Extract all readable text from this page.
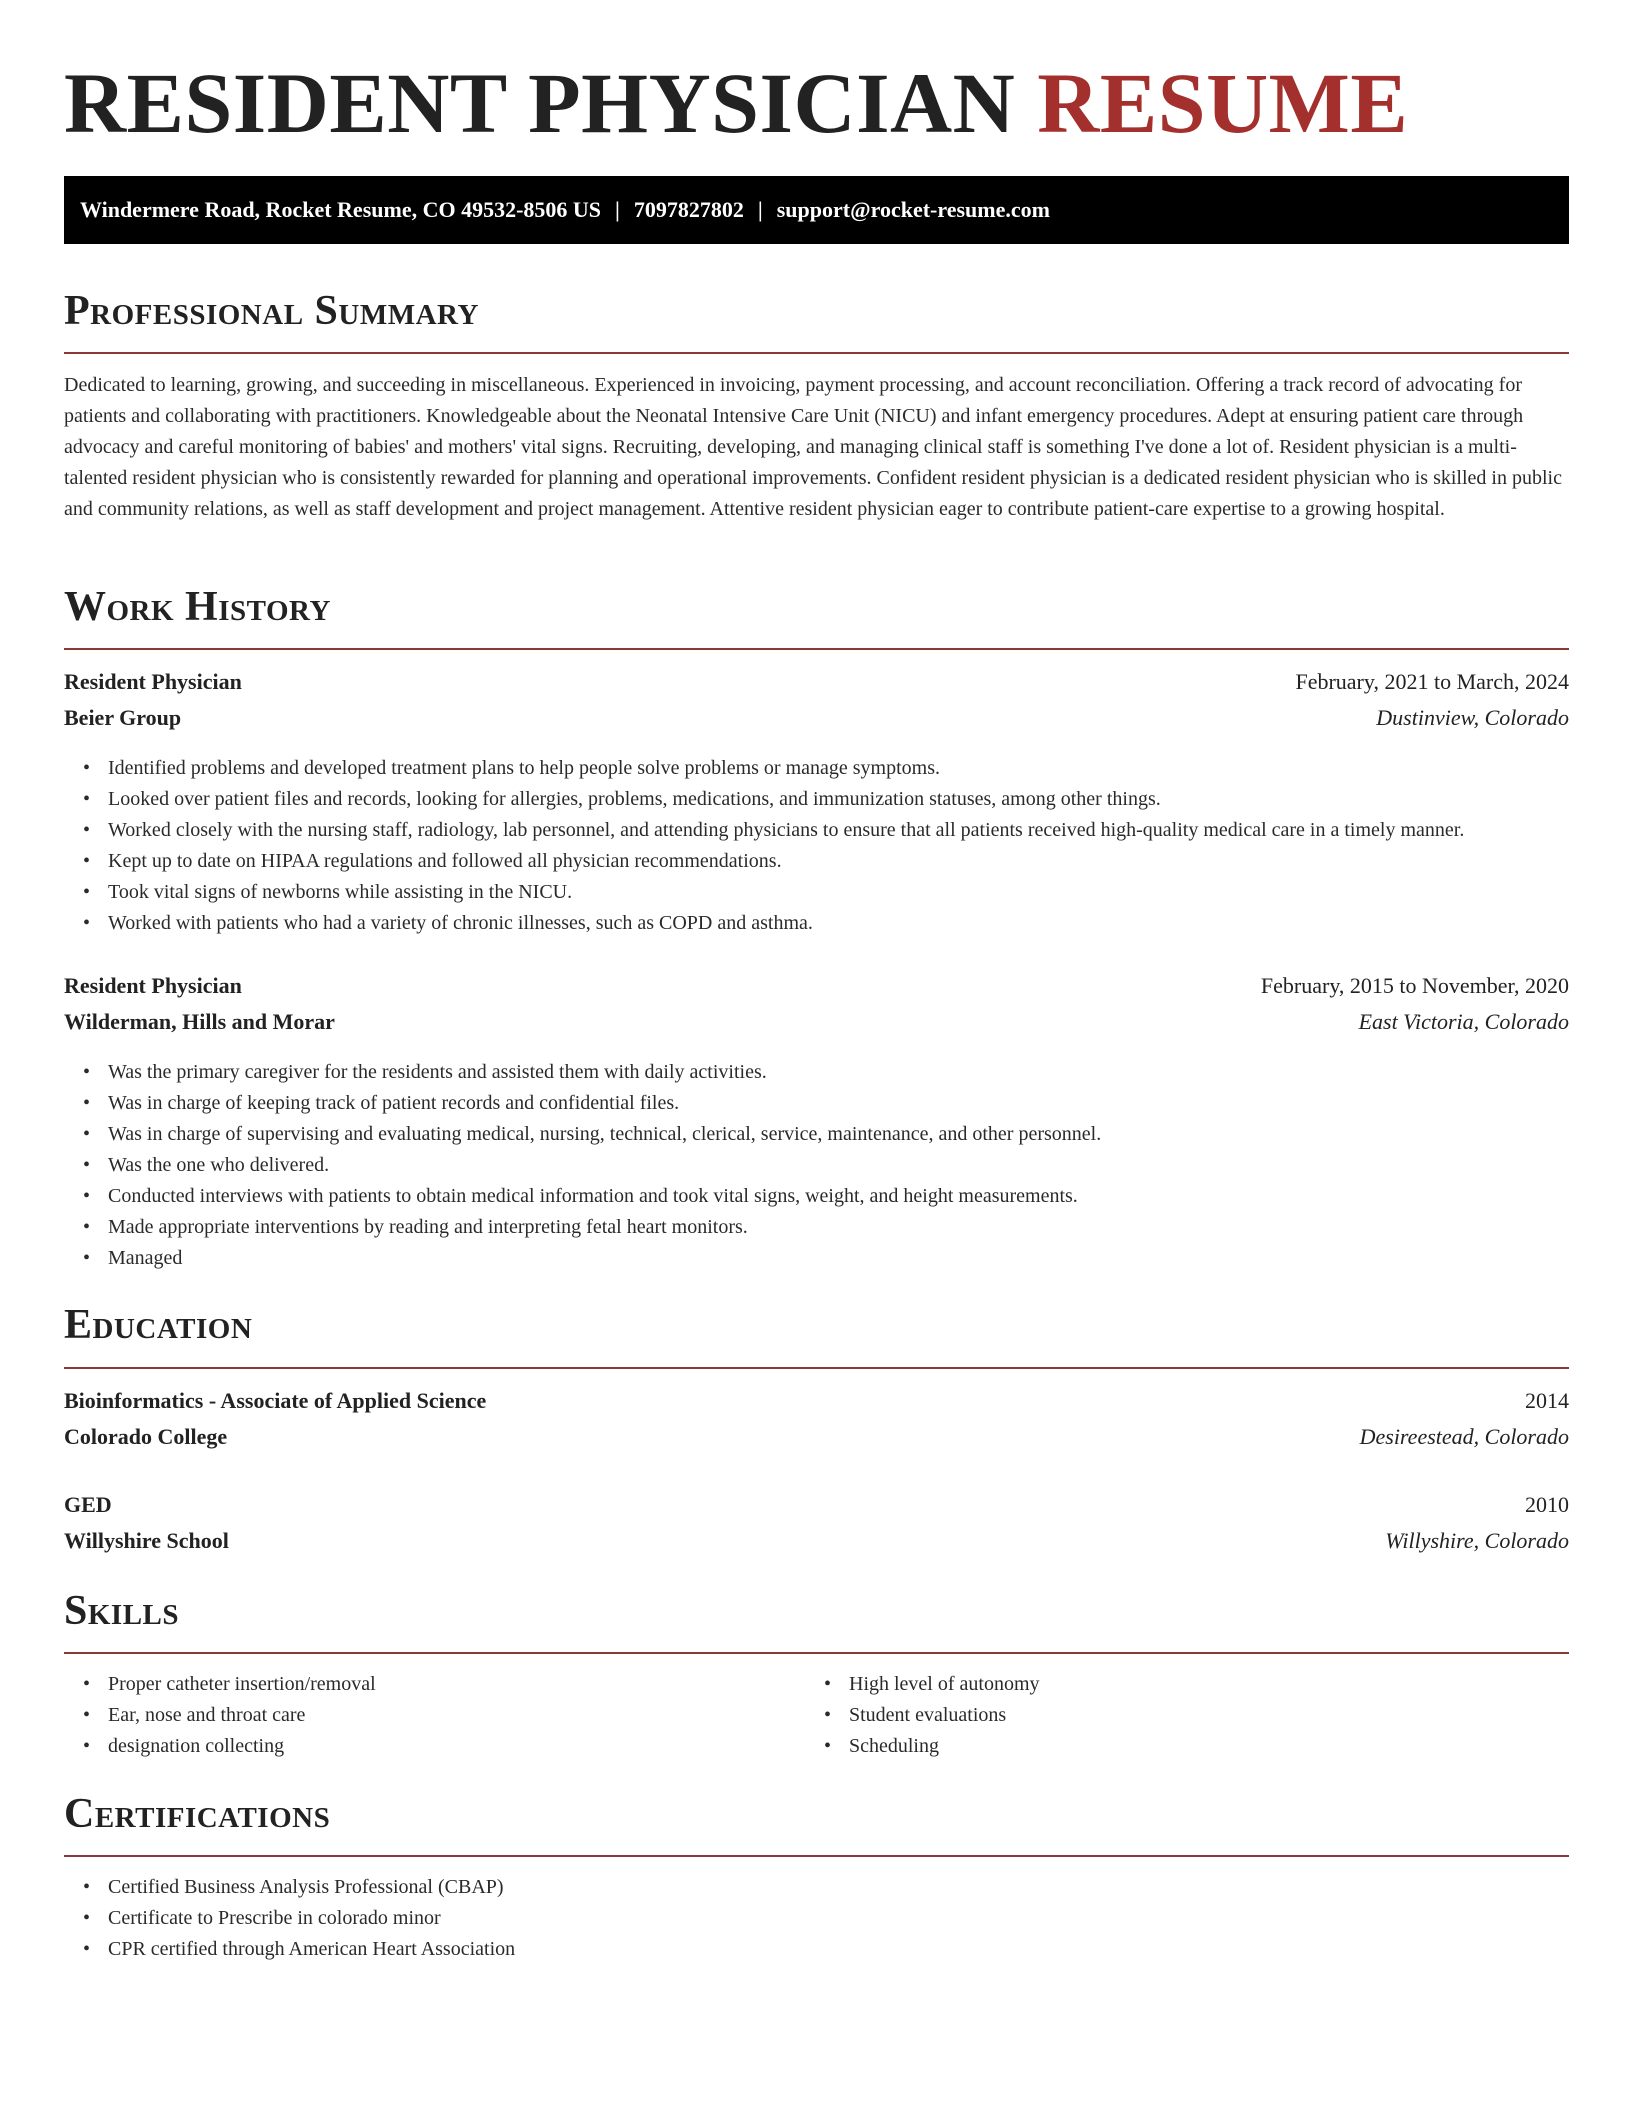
RESIDENT PHYSICIAN RESUME
Windermere Road, Rocket Resume, CO 49532-8506 US | 7097827802 | support@rocket-resume.com
Professional Summary

Dedicated to learning, growing, and succeeding in miscellaneous. Experienced in invoicing, payment processing, and account reconciliation. Offering a track record of advocating for patients and collaborating with practitioners. Knowledgeable about the Neonatal Intensive Care Unit (NICU) and infant emergency procedures. Adept at ensuring patient care through advocacy and careful monitoring of babies' and mothers' vital signs. Recruiting, developing, and managing clinical staff is something I've done a lot of. Resident physician is a multi-talented resident physician who is consistently rewarded for planning and operational improvements. Confident resident physician is a dedicated resident physician who is skilled in public and community relations, as well as staff development and project management. Attentive resident physician eager to contribute patient-care expertise to a growing hospital.

Work History
Resident Physician	February, 2021 to March, 2024
Beier Group	Dustinview, Colorado
• Identified problems and developed treatment plans to help people solve problems or manage symptoms.
• Looked over patient files and records, looking for allergies, problems, medications, and immunization statuses, among other things.
• Worked closely with the nursing staff, radiology, lab personnel, and attending physicians to ensure that all patients received high-quality medical care in a timely manner.
• Kept up to date on HIPAA regulations and followed all physician recommendations.
• Took vital signs of newborns while assisting in the NICU.
• Worked with patients who had a variety of chronic illnesses, such as COPD and asthma.
Resident Physician	February, 2015 to November, 2020
Wilderman, Hills and Morar	East Victoria, Colorado
• Was the primary caregiver for the residents and assisted them with daily activities.
• Was in charge of keeping track of patient records and confidential files.
• Was in charge of supervising and evaluating medical, nursing, technical, clerical, service, maintenance, and other personnel.
• Was the one who delivered.
• Conducted interviews with patients to obtain medical information and took vital signs, weight, and height measurements.
• Made appropriate interventions by reading and interpreting fetal heart monitors.
• Managed
Education
Bioinformatics - Associate of Applied Science	2014
Colorado College	Desireestead, Colorado
GED	2010
Willyshire School	Willyshire, Colorado
Skills
• Proper catheter insertion/removal
• Ear, nose and throat care
• designation collecting
• High level of autonomy
• Student evaluations
• Scheduling
Certifications
• Certified Business Analysis Professional (CBAP)
• Certificate to Prescribe in colorado minor
• CPR certified through American Heart Association
